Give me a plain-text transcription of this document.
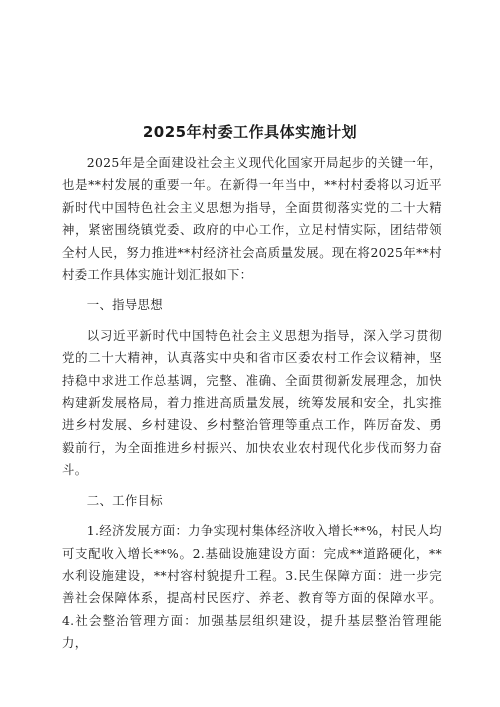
2025年村委工作具体实施计划

2025年是全面建设社会主义现代化国家开局起步的关键一年，也是**村发展的重要一年。在新得一年当中，**村村委将以习近平新时代中国特色社会主义思想为指导，全面贯彻落实党的二十大精神，紧密围绕镇党委、政府的中心工作，立足村情实际，团结带领全村人民，努力推进**村经济社会高质量发展。现在将2025年**村村委工作具体实施计划汇报如下：

一、指导思想

以习近平新时代中国特色社会主义思想为指导，深入学习贯彻党的二十大精神，认真落实中央和省市区委农村工作会议精神，坚持稳中求进工作总基调，完整、准确、全面贯彻新发展理念，加快构建新发展格局，着力推进高质量发展，统筹发展和安全，扎实推进乡村发展、乡村建设、乡村整治管理等重点工作，阵厉奋发、勇毅前行，为全面推进乡村振兴、加快农业农村现代化步伐而努力奋斗。

二、工作目标

1.经济发展方面：力争实现村集体经济收入增长**%，村民人均可支配收入增长**%。2.基础设施建设方面：完成**道路硬化，**水利设施建设，**村容村貌提升工程。3.民生保障方面：进一步完善社会保障体系，提高村民医疗、养老、教育等方面的保障水平。4.社会整治管理方面：加强基层组织建设，提升基层整治管理能力，
